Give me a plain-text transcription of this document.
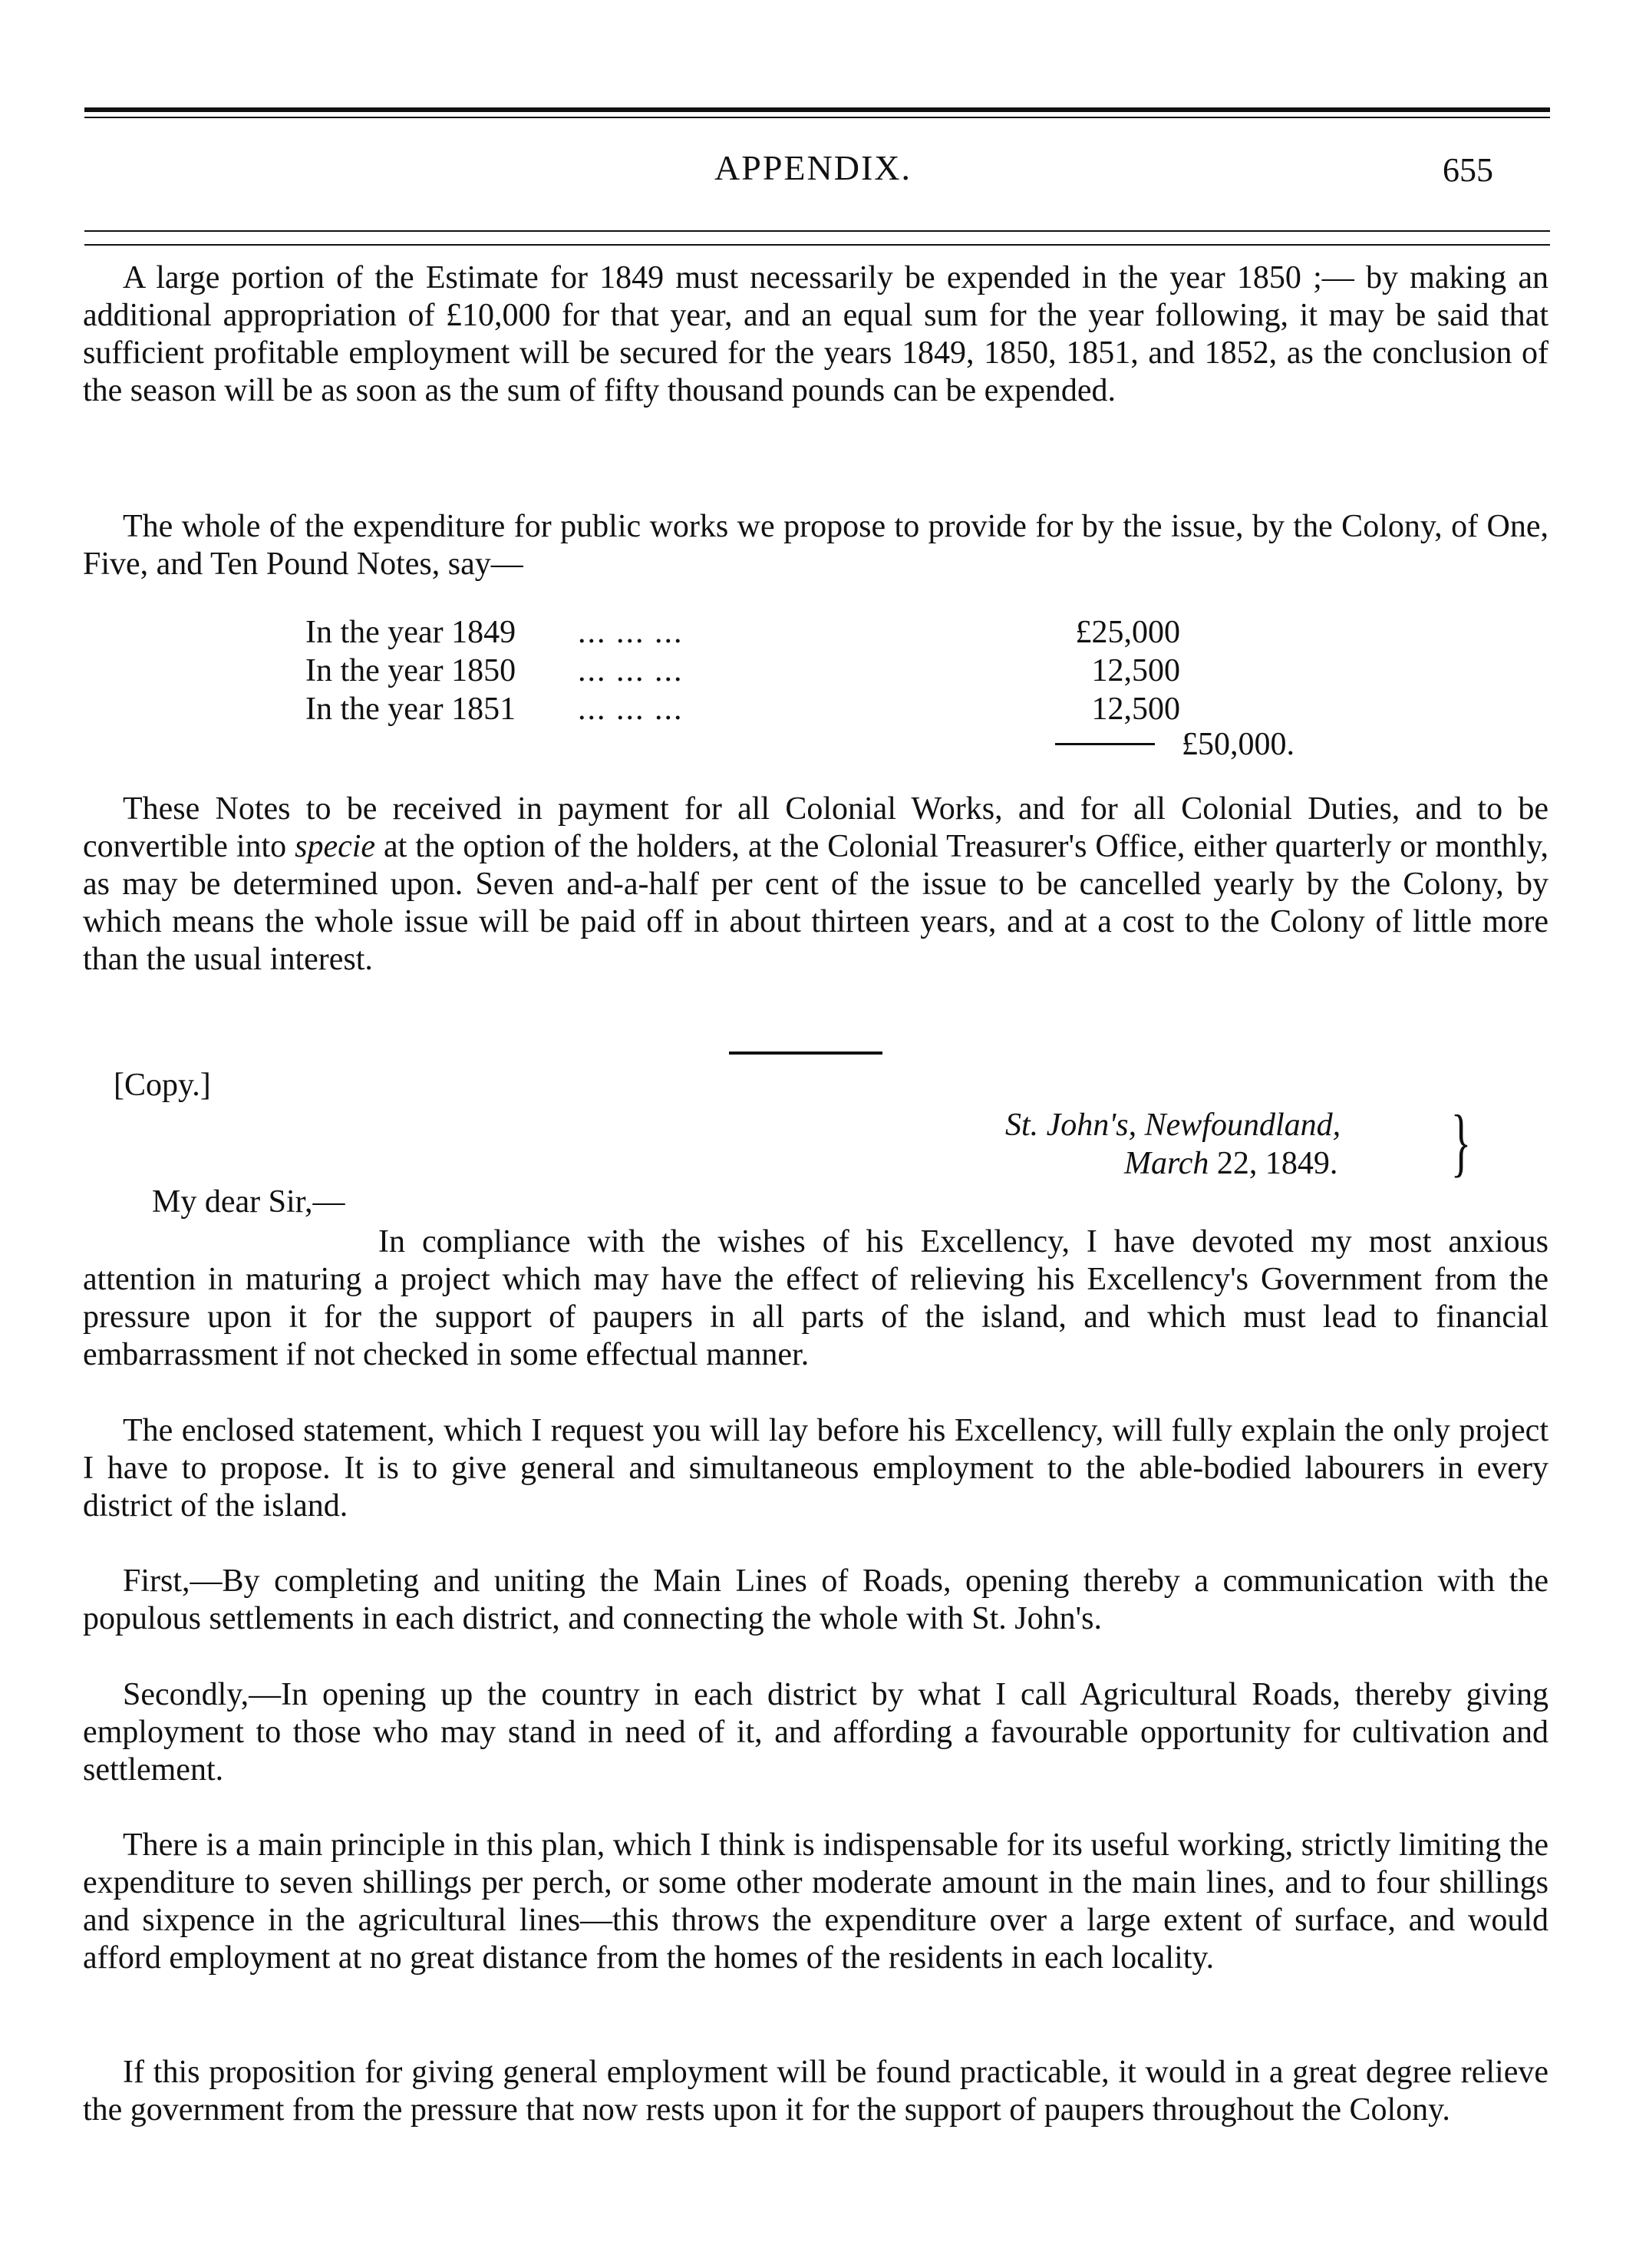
APPENDIX.	655

A large portion of the Estimate for 1849 must necessarily be expended in the year 1850 ;— by making an additional appropriation of £10,000 for that year, and an equal sum for the year following, it may be said that sufficient profitable employment will be secured for the years 1849, 1850, 1851, and 1852, as the conclusion of the season will be as soon as the sum of fifty thousand pounds can be expended.

The whole of the expenditure for public works we propose to provide for by the issue, by the Colony, of One, Five, and Ten Pound Notes, say—

In the year 1849 ... ... ...	£25,000
In the year 1850 ... ... ...	12,500
In the year 1851 ... ... ...	12,500
£50,000.

These Notes to be received in payment for all Colonial Works, and for all Colonial Duties, and to be convertible into specie at the option of the holders, at the Colonial Treasurer's Office, either quarterly or monthly, as may be determined upon. Seven and-a-half per cent of the issue to be cancelled yearly by the Colony, by which means the whole issue will be paid off in about thirteen years, and at a cost to the Colony of little more than the usual interest.

[Copy.]
St. John's, Newfoundland,
March 22, 1849. }
My dear Sir,—

In compliance with the wishes of his Excellency, I have devoted my most anxious attention in maturing a project which may have the effect of relieving his Excellency's Government from the pressure upon it for the support of paupers in all parts of the island, and which must lead to financial embarrassment if not checked in some effectual manner.

The enclosed statement, which I request you will lay before his Excellency, will fully explain the only project I have to propose. It is to give general and simultaneous employment to the able-bodied labourers in every district of the island.

First,—By completing and uniting the Main Lines of Roads, opening thereby a communication with the populous settlements in each district, and connecting the whole with St. John's.

Secondly,—In opening up the country in each district by what I call Agricultural Roads, thereby giving employment to those who may stand in need of it, and affording a favourable opportunity for cultivation and settlement.

There is a main principle in this plan, which I think is indispensable for its useful working, strictly limiting the expenditure to seven shillings per perch, or some other moderate amount in the main lines, and to four shillings and sixpence in the agricultural lines—this throws the expenditure over a large extent of surface, and would afford employment at no great distance from the homes of the residents in each locality.

If this proposition for giving general employment will be found practicable, it would in a great degree relieve the government from the pressure that now rests upon it for the support of paupers throughout the Colony.
